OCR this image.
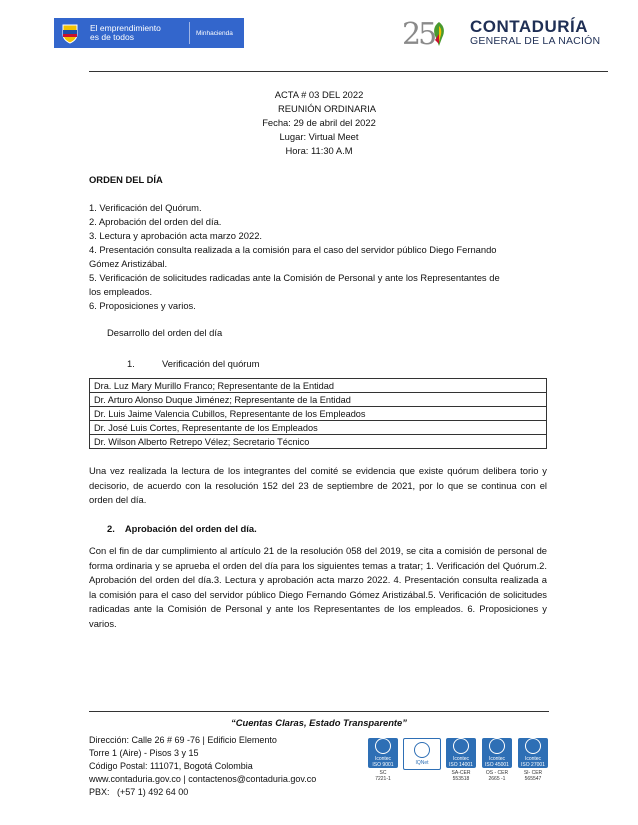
El emprendimiento
es de todos	Minhacienda	25	CONTADURÍA
GENERAL DE LA NACIÓN
ACTA # 03 DEL 2022
REUNIÓN ORDINARIA
Fecha: 29 de abril del 2022
Lugar: Virtual Meet
Hora: 11:30 A.M
ORDEN DEL DÍA
1. Verificación del Quórum.
2. Aprobación del orden del día.
3. Lectura y aprobación acta marzo 2022.
4. Presentación consulta realizada a la comisión para el caso del servidor público Diego Fernando
Gómez Aristizábal.
5. Verificación de solicitudes radicadas ante la Comisión de Personal y ante los Representantes de
los empleados.
6. Proposiciones y varios.
Desarrollo del orden del día
1.	Verificación del quórum
Dra. Luz Mary Murillo Franco; Representante de la Entidad
Dr. Arturo Alonso Duque Jiménez; Representante de la Entidad
Dr. Luis Jaime Valencia Cubillos, Representante de los Empleados
Dr. José Luis Cortes, Representante de los Empleados
Dr. Wilson Alberto Retrepo Vélez; Secretario Técnico
Una vez realizada la lectura de los integrantes del comité se evidencia que existe quórum delibera torio y decisorio, de acuerdo con la resolución 152 del 23 de septiembre de 2021, por lo que se continua con el orden del día.
2.    Aprobación del orden del día.
Con el fin de dar cumplimiento al artículo 21 de la resolución 058 del 2019, se cita a comisión de personal de forma ordinaria y se aprueba el orden del día para los siguientes temas a tratar; 1. Verificación del Quórum.2. Aprobación del orden del día.3. Lectura y aprobación acta marzo 2022. 4. Presentación consulta realizada a la comisión para el caso del servidor público Diego Fernando Gómez Aristizábal.5. Verificación de solicitudes radicadas ante la Comisión de Personal y ante los Representantes de los empleados. 6. Proposiciones y varios.
“Cuentas Claras, Estado Transparente”
Dirección: Calle 26 # 69 -76 | Edificio Elemento
Torre 1 (Aire) - Pisos 3 y 15
Código Postal: 111071, Bogotá Colombia
www.contaduria.gov.co | contactenos@contaduria.gov.co
PBX:   (+57 1) 492 64 00
Icontec
ISO 9001
SC
7221-1
IQNet
Icontec
ISO 14001
SA-CER
553518
Icontec
ISO 45001
OS - CER
2665 -1
Icontec
ISO 27001
SI- CER
565547
